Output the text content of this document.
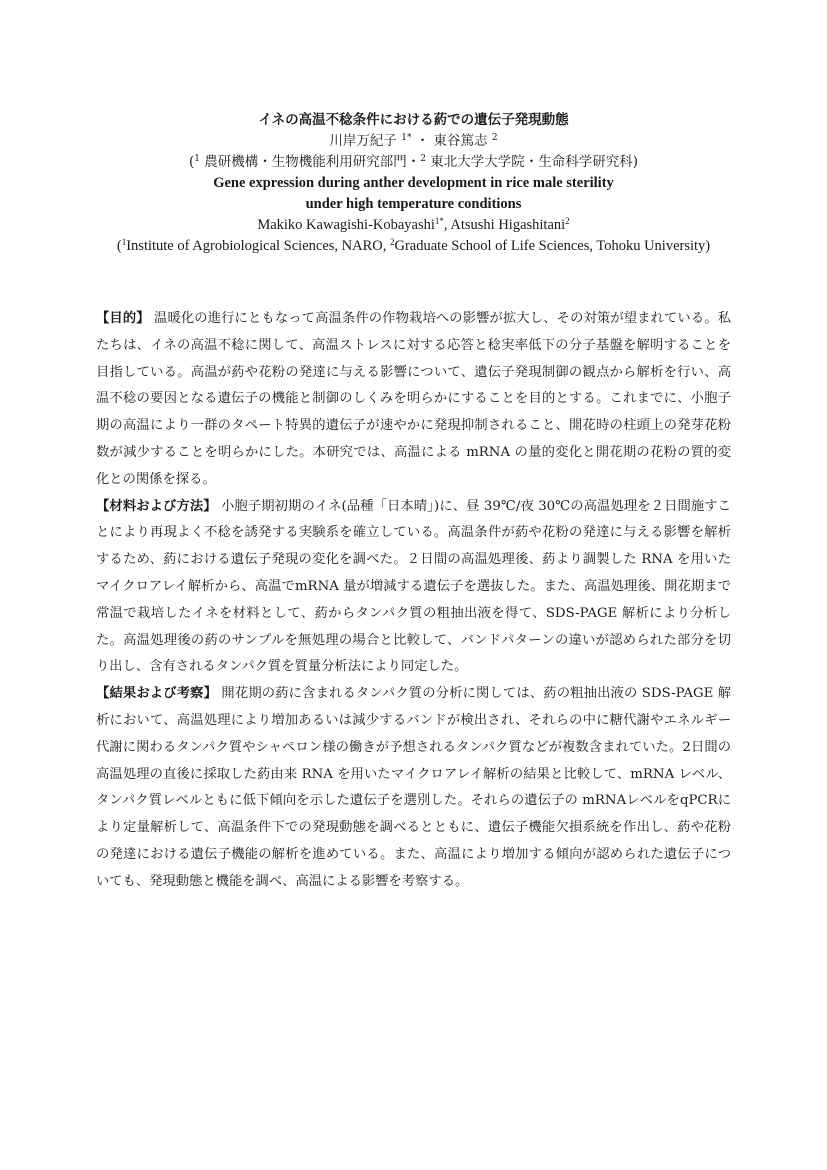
イネの高温不稔条件における葯での遺伝子発現動態
川岸万紀子 $^{1*}$ ・ 東谷篤志 $^2$
($^1$ 農研機構・生物機能利用研究部門・$^2$ 東北大学大学院・生命科学研究科)
Gene expression during anther development in rice male sterility
under high temperature conditions
Makiko Kawagishi-Kobayashi$^{1*}$, Atsushi Higashitani$^2$
($^1$Institute of Agrobiological Sciences, NARO, $^2$Graduate School of Life Sciences, Tohoku University)

【目的】 温暖化の進行にともなって高温条件の作物栽培への影響が拡大し、その対策が望まれている。私たちは、イネの高温不稔に関して、高温ストレスに対する応答と稔実率低下の分子基盤を解明することを目指している。高温が葯や花粉の発達に与える影響について、遺伝子発現制御の観点から解析を行い、高温不稔の要因となる遺伝子の機能と制御のしくみを明らかにすることを目的とする。これまでに、小胞子期の高温により一群のタペート特異的遺伝子が速やかに発現抑制されること、開花時の柱頭上の発芽花粉数が減少することを明らかにした。本研究では、高温による mRNA の量的変化と開花期の花粉の質的変化との関係を探る。

【材料および方法】 小胞子期初期のイネ(品種「日本晴」)に、昼 39℃/夜 30℃の高温処理を２日間施すことにより再現よく不稔を誘発する実験系を確立している。高温条件が葯や花粉の発達に与える影響を解析するため、葯における遺伝子発現の変化を調べた。２日間の高温処理後、葯より調製した RNA を用いたマイクロアレイ解析から、高温でmRNA 量が増減する遺伝子を選抜した。また、高温処理後、開花期まで常温で栽培したイネを材料として、葯からタンパク質の粗抽出液を得て、SDS-PAGE 解析により分析した。高温処理後の葯のサンプルを無処理の場合と比較して、バンドパターンの違いが認められた部分を切り出し、含有されるタンパク質を質量分析法により同定した。

【結果および考察】 開花期の葯に含まれるタンパク質の分析に関しては、葯の粗抽出液の SDS-PAGE 解析において、高温処理により増加あるいは減少するバンドが検出され、それらの中に糖代謝やエネルギー代謝に関わるタンパク質やシャペロン様の働きが予想されるタンパク質などが複数含まれていた。2日間の高温処理の直後に採取した葯由来 RNA を用いたマイクロアレイ解析の結果と比較して、mRNA レベル、タンパク質レベルともに低下傾向を示した遺伝子を選別した。それらの遺伝子の mRNAレベルをqPCRにより定量解析して、高温条件下での発現動態を調べるとともに、遺伝子機能欠損系統を作出し、葯や花粉の発達における遺伝子機能の解析を進めている。また、高温により増加する傾向が認められた遺伝子についても、発現動態と機能を調べ、高温による影響を考察する。
